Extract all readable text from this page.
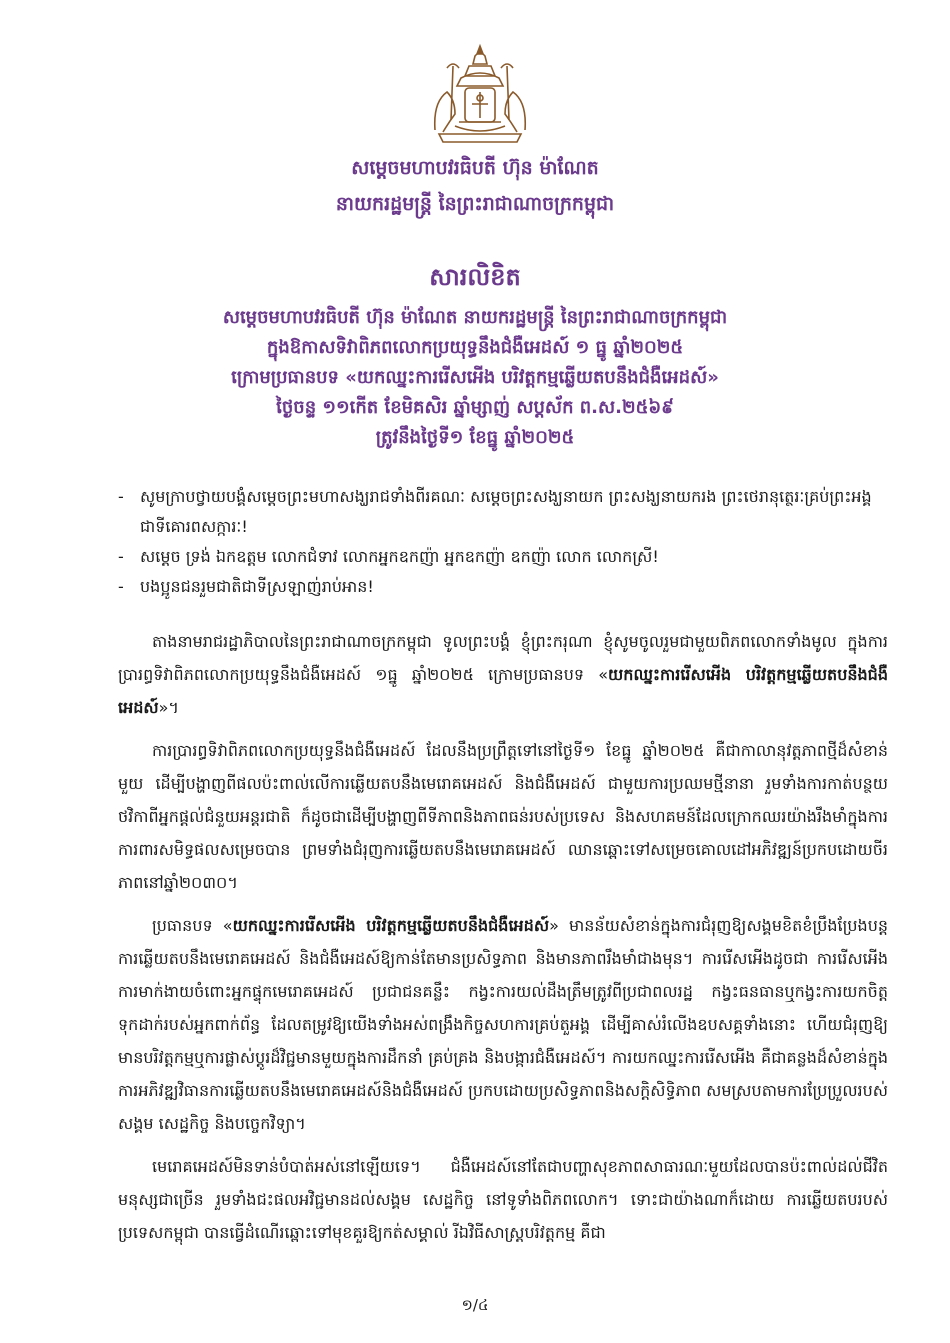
សម្តេចមហាបវរធិបតី ហ៊ុន ម៉ាណែត
នាយករដ្ឋមន្ត្រី នៃព្រះរាជាណាចក្រកម្ពុជា
សារលិខិត
សម្តេចមហាបវរធិបតី ហ៊ុន ម៉ាណែត នាយករដ្ឋមន្ត្រី នៃព្រះរាជាណាចក្រកម្ពុជា
ក្នុងឱកាសទិវាពិភពលោកប្រយុទ្ធនឹងជំងឺអេដស៍ ១ ធ្នូ ឆ្នាំ២០២៥
ក្រោមប្រធានបទ «យកឈ្នះការរើសអើង បរិវត្តកម្មឆ្លើយតបនឹងជំងឺអេដស៍»
ថ្ងៃចន្ទ ១១កើត ខែមិគសិរ ឆ្នាំម្សាញ់ សប្តស័ក ព.ស.២៥៦៩
ត្រូវនឹងថ្ងៃទី១ ខែធ្នូ ឆ្នាំ២០២៥
-	សូមក្រាបថ្វាយបង្គំសម្តេចព្រះមហាសង្ឃរាជទាំងពីរគណៈ សម្តេចព្រះសង្ឃនាយក ព្រះសង្ឃនាយករង ព្រះថេរានុត្ថេរៈគ្រប់ព្រះអង្គ ជាទីគោរពសក្ការៈ!
-	សម្តេច ទ្រង់ ឯកឧត្តម លោកជំទាវ លោកអ្នកឧកញ៉ា អ្នកឧកញ៉ា ឧកញ៉ា លោក លោកស្រី!
-	បងប្អូនជនរួមជាតិជាទីស្រឡាញ់រាប់អាន!

តាងនាមរាជរដ្ឋាភិបាលនៃព្រះរាជាណាចក្រកម្ពុជា ទូលព្រះបង្គំ ខ្ញុំព្រះករុណា ខ្ញុំសូមចូលរួមជាមួយពិភពលោកទាំងមូល ក្នុងការប្រារព្ធទិវាពិភពលោកប្រយុទ្ធនឹងជំងឺអេដស៍ ១ធ្នូ ឆ្នាំ២០២៥ ក្រោមប្រធានបទ «យកឈ្នះការរើសអើង បរិវត្តកម្មឆ្លើយតបនឹងជំងឺអេដស៍»។

ការប្រារព្ធទិវាពិភពលោកប្រយុទ្ធនឹងជំងឺអេដស៍ ដែលនឹងប្រព្រឹត្តទៅនៅថ្ងៃទី១ ខែធ្នូ ឆ្នាំ២០២៥ គឺជាកាលានុវត្តភាពថ្មីដ៏សំខាន់មួយ ដើម្បីបង្ហាញពីផលប៉ះពាល់លើការឆ្លើយតបនឹងមេរោគអេដស៍ និងជំងឺអេដស៍ ជាមួយការប្រឈមថ្មីនានា រួមទាំងការកាត់បន្ថយថវិកាពីអ្នកផ្តល់ជំនួយអន្តរជាតិ ក៏ដូចជាដើម្បីបង្ហាញពីទីភាពនិងភាពធន់របស់ប្រទេស និងសហគមន៍ដែលក្រោកឈរយ៉ាងរឹងមាំក្នុងការការពារសមិទ្ធផលសម្រេចបាន ព្រមទាំងជំរុញការឆ្លើយតបនឹងមេរោគអេដស៍ ឈានឆ្ពោះទៅសម្រេចគោលដៅអភិវឌ្ឍន៍ប្រកបដោយចីរភាពនៅឆ្នាំ២០៣០។

ប្រធានបទ «យកឈ្នះការរើសអើង បរិវត្តកម្មឆ្លើយតបនឹងជំងឺអេដស៍» មានន័យសំខាន់ក្នុងការជំរុញឱ្យសង្គមខិតខំប្រឹងប្រែងបន្តការឆ្លើយតបនឹងមេរោគអេដស៍ និងជំងឺអេដស៍ឱ្យកាន់តែមានប្រសិទ្ធភាព និងមានភាពរឹងមាំជាងមុន។ ការរើសអើងដូចជា ការរើសអើង ការមាក់ងាយចំពោះអ្នកផ្ទុកមេរោគអេដស៍ ប្រជាជនគន្លឹះ កង្វះការយល់ដឹងត្រឹមត្រូវពីប្រជាពលរដ្ឋ កង្វះធនធានឬកង្វះការយកចិត្តទុកដាក់របស់អ្នកពាក់ព័ន្ធ ដែលតម្រូវឱ្យយើងទាំងអស់ពង្រឹងកិច្ចសហការគ្រប់តួអង្គ ដើម្បីគាស់រំលើងឧបសគ្គទាំងនោះ ហើយជំរុញឱ្យមានបរិវត្តកម្មឬការផ្លាស់ប្តូរដ៏វិជ្ជមានមួយក្នុងការដឹកនាំ គ្រប់គ្រង និងបង្ការជំងឺអេដស៍។ ការយកឈ្នះការរើសអើង គឺជាគន្លងដ៏សំខាន់ក្នុងការអភិវឌ្ឍវិធានការឆ្លើយតបនឹងមេរោគអេដស៍និងជំងឺអេដស៍ ប្រកបដោយប្រសិទ្ធភាពនិងសក្តិសិទ្ធិភាព សមស្របតាមការប្រែប្រួលរបស់សង្គម សេដ្ឋកិច្ច និងបច្ចេកវិទ្យា។

មេរោគអេដស៍មិនទាន់បំបាត់អស់នៅឡើយទេ។ ជំងឺអេដស៍នៅតែជាបញ្ហាសុខភាពសាធារណៈមួយដែលបានប៉ះពាល់ដល់ជីវិតមនុស្សជាច្រើន រួមទាំងជះផលអវិជ្ជមានដល់សង្គម សេដ្ឋកិច្ច នៅទូទាំងពិភពលោក។ ទោះជាយ៉ាងណាក៏ដោយ ការឆ្លើយតបរបស់ប្រទេសកម្ពុជា បានធ្វើដំណើរឆ្ពោះទៅមុខគួរឱ្យកត់សម្គាល់ រីឯវិធីសាស្រ្តបរិវត្តកម្ម គឺជា

១/៤
